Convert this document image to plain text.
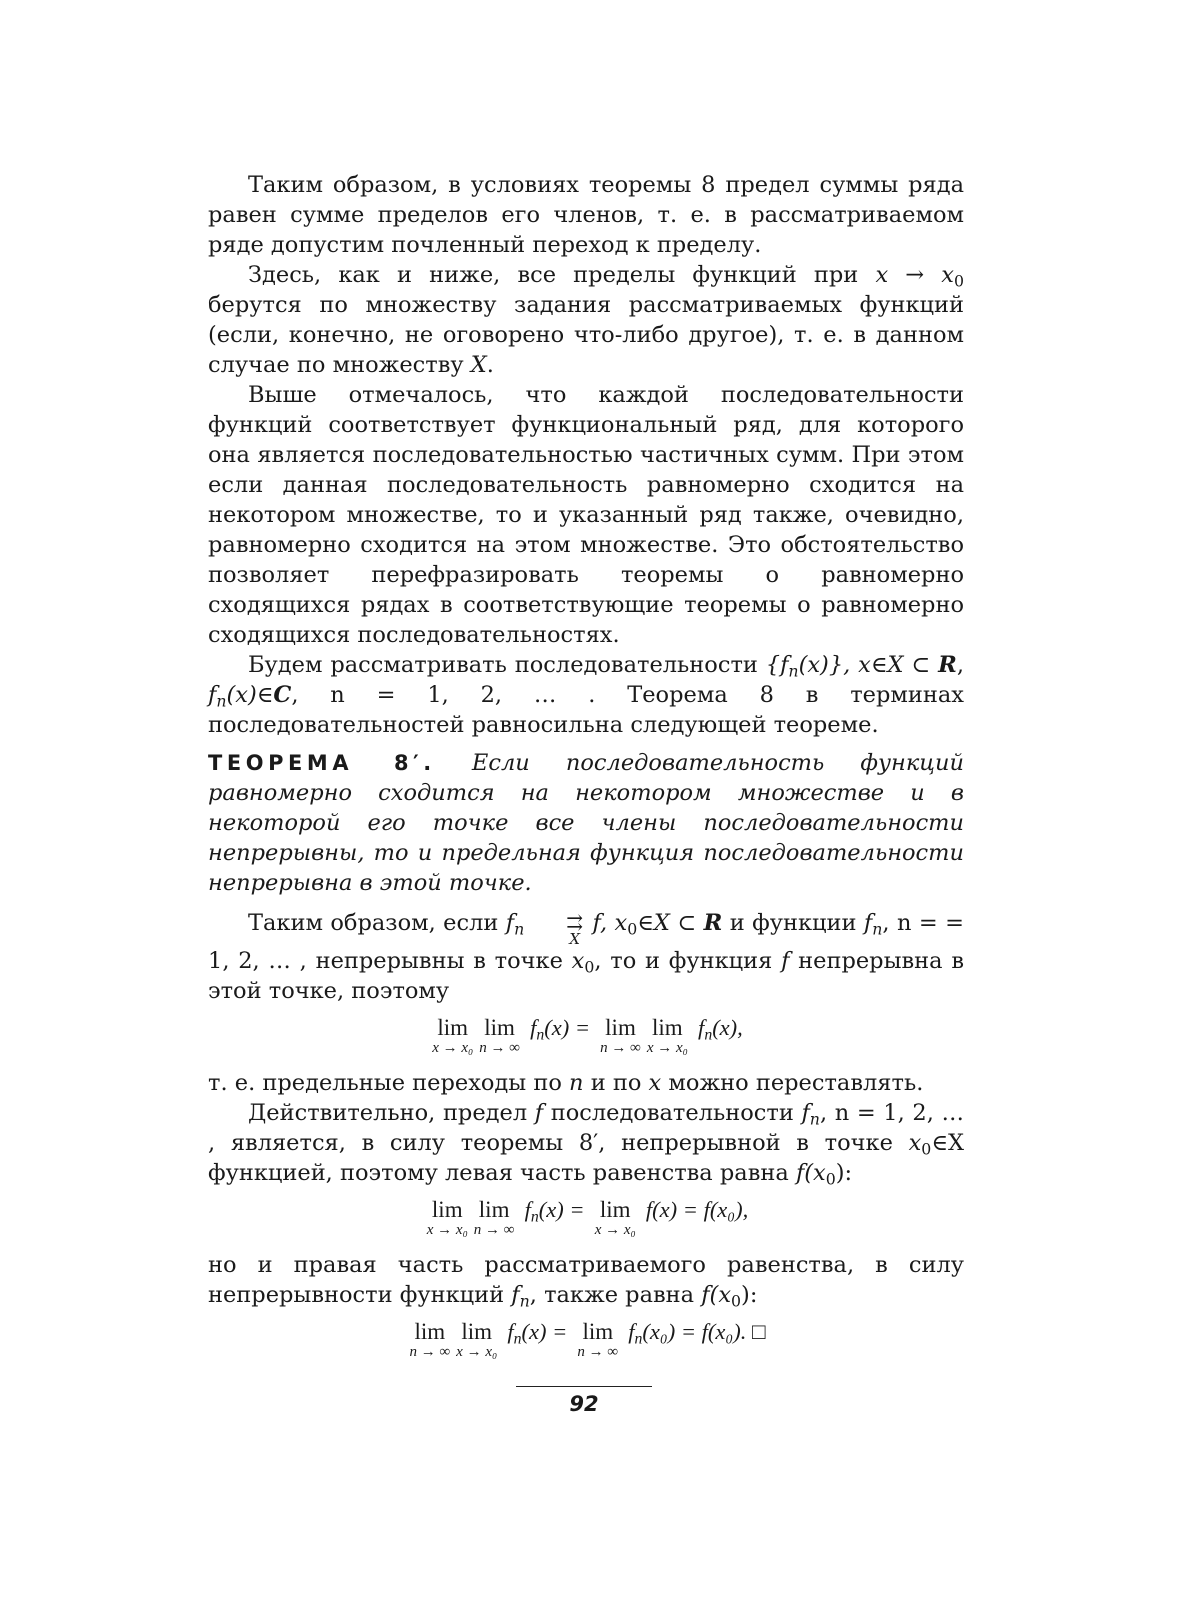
Таким образом, в условиях теоремы 8 предел суммы ряда равен сумме пределов его членов, т. е. в рассматриваемом ряде допустим почленный переход к пределу.

Здесь, как и ниже, все пределы функций при $x \to x_0$ берутся по множеству задания рассматриваемых функций (если, конечно, не оговорено что-либо другое), т. е. в данном случае по множеству X.

Выше отмечалось, что каждой последовательности функций соответствует функциональный ряд, для которого она является последовательностью частичных сумм. При этом если данная последовательность равномерно сходится на некотором множестве, то и указанный ряд также, очевидно, равномерно сходится на этом множестве. Это обстоятельство позволяет перефразировать теоремы о равномерно сходящихся рядах в соответствующие теоремы о равномерно сходящихся последовательностях.

Будем рассматривать последовательности $\{f_n(x)\}$, x∈X ⊂ R, $f_n(x)\in C$, n = 1, 2, … . Теорема 8 в терминах последовательностей равносильна следующей теореме.

ТЕОРЕМА 8′. Если последовательность функций равномерно сходится на некотором множестве и в некоторой его точке все члены последовательности непрерывны, то и предельная функция последовательности непрерывна в этой точке.

Таким образом, если $f_n$	⇉
X
f, $x_0\in X$ ⊂ R и функции $f_n$, n = = 1, 2, … , непрерывны в точке $x_0$, то и функция f непрерывна в этой точке, поэтому

lim
x → x₀
lim
n → ∞
$f_n(x) = \lim$
n → ∞
lim
x → x₀
$f_n(x)$,

т. е. предельные переходы по n и по x можно переставлять.

Действительно, предел f последовательности $f_n$, n = 1, 2, … , является, в силу теоремы 8′, непрерывной в точке $x_0\in X$ функцией, поэтому левая часть равенства равна $f(x_0)$:

lim
x → x₀
lim
n → ∞
$f_n(x) = \lim$
x → x₀
f(x) = f(x₀),

но и правая часть рассматриваемого равенства, в силу непрерывности функций $f_n$, также равна $f(x_0)$:

lim
n → ∞
lim
x → x₀
$f_n(x) = \lim$
n → ∞
$f_n(x_0) = f(x_0)$. □
92
